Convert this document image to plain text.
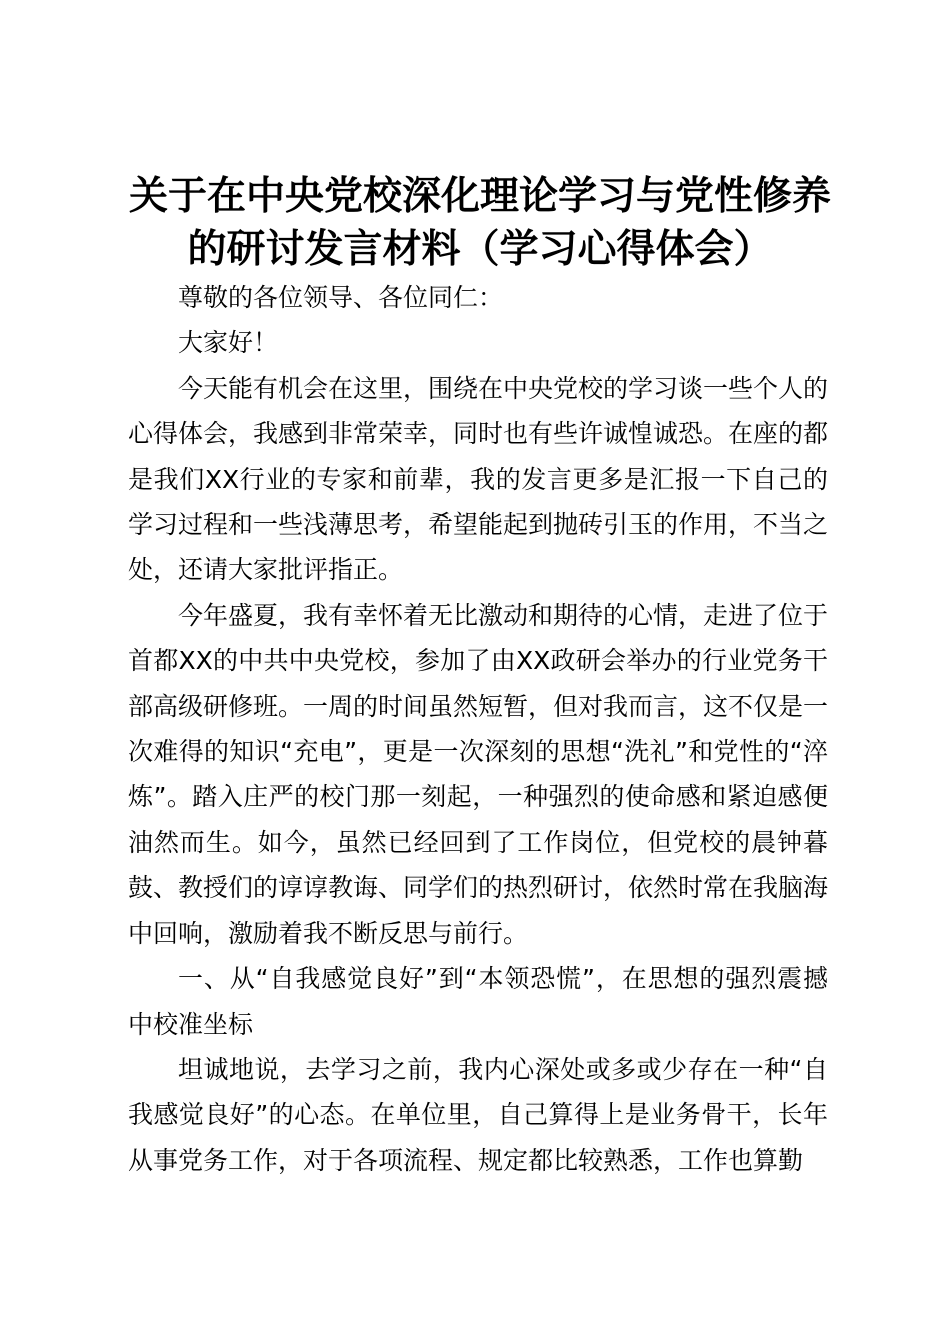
关于在中央党校深化理论学习与党性修养的研讨发言材料（学习心得体会）

尊敬的各位领导、各位同仁：

大家好！

今天能有机会在这里，围绕在中央党校的学习谈一些个人的心得体会，我感到非常荣幸，同时也有些许诚惶诚恐。在座的都是我们XX行业的专家和前辈，我的发言更多是汇报一下自己的学习过程和一些浅薄思考，希望能起到抛砖引玉的作用，不当之处，还请大家批评指正。

今年盛夏，我有幸怀着无比激动和期待的心情，走进了位于首都XX的中共中央党校，参加了由XX政研会举办的行业党务干部高级研修班。一周的时间虽然短暂，但对我而言，这不仅是一次难得的知识“充电”，更是一次深刻的思想“洗礼”和党性的“淬炼”。踏入庄严的校门那一刻起，一种强烈的使命感和紧迫感便油然而生。如今，虽然已经回到了工作岗位，但党校的晨钟暮鼓、教授们的谆谆教诲、同学们的热烈研讨，依然时常在我脑海中回响，激励着我不断反思与前行。

一、从“自我感觉良好”到“本领恐慌”，在思想的强烈震撼中校准坐标

坦诚地说，去学习之前，我内心深处或多或少存在一种“自我感觉良好”的心态。在单位里，自己算得上是业务骨干，长年从事党务工作，对于各项流程、规定都比较熟悉，工作也算勤
